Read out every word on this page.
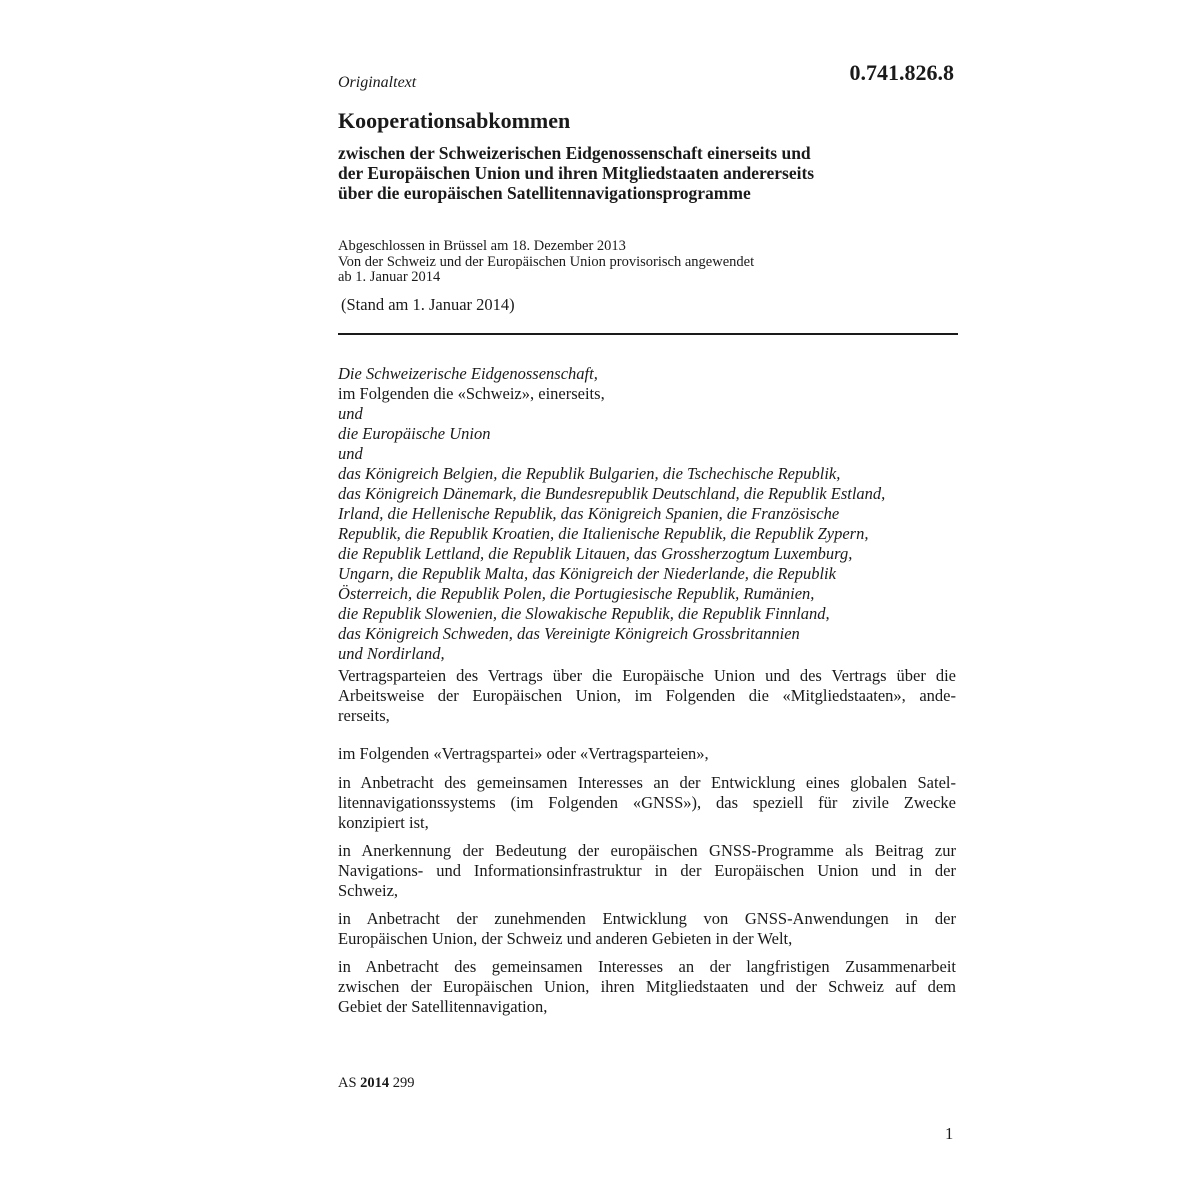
Originaltext	0.741.826.8

Kooperationsabkommen
zwischen der Schweizerischen Eidgenossenschaft einerseits und
der Europäischen Union und ihren Mitgliedstaaten andererseits
über die europäischen Satellitennavigationsprogramme
Abgeschlossen in Brüssel am 18. Dezember 2013
Von der Schweiz und der Europäischen Union provisorisch angewendet
ab 1. Januar 2014

(Stand am 1. Januar 2014)

Die Schweizerische Eidgenossenschaft,
im Folgenden die «Schweiz», einerseits,
und
die Europäische Union
und
das Königreich Belgien, die Republik Bulgarien, die Tschechische Republik,
das Königreich Dänemark, die Bundesrepublik Deutschland, die Republik Estland,
Irland, die Hellenische Republik, das Königreich Spanien, die Französische
Republik, die Republik Kroatien, die Italienische Republik, die Republik Zypern,
die Republik Lettland, die Republik Litauen, das Grossherzogtum Luxemburg,
Ungarn, die Republik Malta, das Königreich der Niederlande, die Republik
Österreich, die Republik Polen, die Portugiesische Republik, Rumänien,
die Republik Slowenien, die Slowakische Republik, die Republik Finnland,
das Königreich Schweden, das Vereinigte Königreich Grossbritannien
und Nordirland,
Vertragsparteien des Vertrags über die Europäische Union und des Vertrags über die
Arbeitsweise der Europäischen Union, im Folgenden die «Mitgliedstaaten», ande-
rerseits,
im Folgenden «Vertragspartei» oder «Vertragsparteien»,
in Anbetracht des gemeinsamen Interesses an der Entwicklung eines globalen Satel-
litennavigationssystems (im Folgenden «GNSS»), das speziell für zivile Zwecke
konzipiert ist,
in Anerkennung der Bedeutung der europäischen GNSS-Programme als Beitrag zur
Navigations- und Informationsinfrastruktur in der Europäischen Union und in der
Schweiz,
in Anbetracht der zunehmenden Entwicklung von GNSS-Anwendungen in der
Europäischen Union, der Schweiz und anderen Gebieten in der Welt,
in Anbetracht des gemeinsamen Interesses an der langfristigen Zusammenarbeit
zwischen der Europäischen Union, ihren Mitgliedstaaten und der Schweiz auf dem
Gebiet der Satellitennavigation,

AS 2014 299

1
